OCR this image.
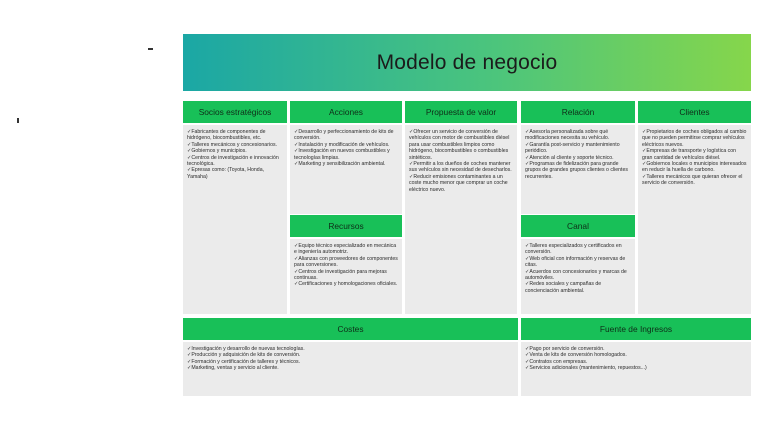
Modelo de negocio
Socios estratégicos
✓Fabricantes de componentes de hidrógeno, biocombustibles, etc.
✓Talleres mecánicos y concesionarios.
✓Gobiernos y municipios.
✓Centros de investigación e innovación tecnológica.
✓Epresas como: (Toyota, Honda, Yamaha)
Acciones
✓Desarrollo y perfeccionamiento de kits de conversión.
✓Instalación y modificación de vehículos.
✓Investigación en nuevos combustibles y tecnologías limpias.
✓Marketing y sensibilización ambiental.
Recursos
✓Equipo técnico especializado en mecánica e ingeniería automotriz.
✓Alianzas con proveedores de componentes para conversiones.
✓Centros de investigación para mejoras continuas.
✓Certificaciones y homologaciones oficiales.
Propuesta de valor
✓Ofrecer un servicio de conversión de vehículos con motor de combustibles diésel para usar combustibles limpios como hidrógeno, biocombustibles o combustibles sintéticos.
✓Permitir a los dueños de coches mantener sus vehículos sin necesidad de desecharlos.
✓Reducir emisiones contaminantes a un coste mucho menor que comprar un coche eléctrico nuevo.
Relación
✓Asesoría personalizada sobre qué modificaciones necesita su vehículo.
✓Garantía post-servicio y mantenimiento periódico.
✓Atención al cliente y soporte técnico.
✓Programas de fidelización para grande grupos de grandes grupos clientes o clientes recurrentes.
Canal
✓Talleres especializados y certificados en conversión.
✓Web oficial con información y reservas de citas.
✓Acuerdos con concesionarios y marcas de automóviles.
✓Redes sociales y campañas de concienciación ambiental.
Clientes
✓Propietarios de coches obligados al cambio que no pueden permitirse comprar vehículos eléctricos nuevos.
✓Empresas de transporte y logística con gran cantidad de vehículos diésel.
✓Gobiernos locales o municipios interesados en reducir la huella de carbono.
✓Talleres mecánicos que quieran ofrecer el servicio de conversión.
Costes
✓Investigación y desarrollo de nuevas tecnologías.
✓Producción y adquisición de kits de conversión.
✓Formación y certificación de talleres y técnicos.
✓Marketing, ventas y servicio al cliente.
Fuente de Ingresos
✓Pago por servicio de conversión.
✓Venta de kits de conversión homologados.
✓Contratos con empresas.
✓Servicios adicionales (mantenimiento, repuestos...)
